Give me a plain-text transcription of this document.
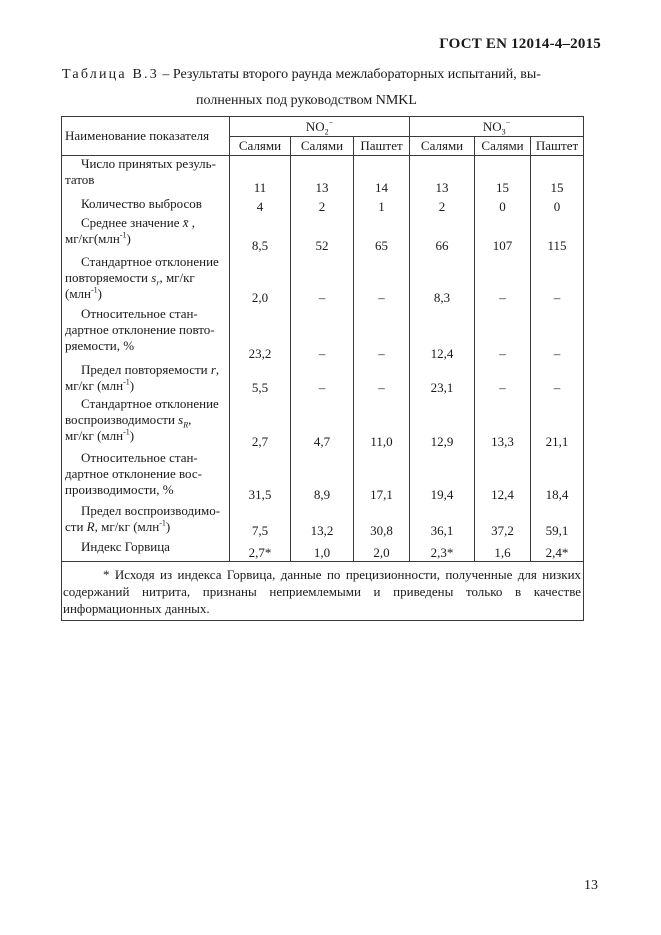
ГОСТ EN 12014-4–2015
Таблица В.3 – Результаты второго раунда межлабораторных испытаний, вы-
полненных под руководством NMKL
Наименование показателя	$NO_2^-$			$NO_3^-$
	Салями	Салями	Паштет	Салями	Салями	Паштет
Число принятых резуль-
татов	11	13	14	13	15	15
Количество выбросов	4	2	1	2	0	0
Среднее значение x̄ ,
мг/кг(млн$^{-1}$)	8,5	52	65	66	107	115
Стандартное отклонение
повторяемости $s_r$, мг/кг
(млн$^{-1}$)	2,0	–	–	8,3	–	–
Относительное стан-
дартное отклонение повто-
ряемости, %	23,2	–	–	12,4	–	–
Предел повторяемости r,
мг/кг (млн$^{-1}$)	5,5	–	–	23,1	–	–
Стандартное отклонение
воспроизводимости $s_R$,
мг/кг (млн$^{-1}$)	2,7	4,7	11,0	12,9	13,3	21,1
Относительное стан-
дартное отклонение вос-
производимости, %	31,5	8,9	17,1	19,4	12,4	18,4
Предел воспроизводимо-
сти R, мг/кг (млн$^{-1}$)	7,5	13,2	30,8	36,1	37,2	59,1
Индекс Горвица	2,7*	1,0	2,0	2,3*	1,6	2,4*
* Исходя из индекса Горвица, данные по прецизионности, полученные для низких содержаний нитрита, признаны неприемлемыми и приведены только в качестве информационных данных.						
13
